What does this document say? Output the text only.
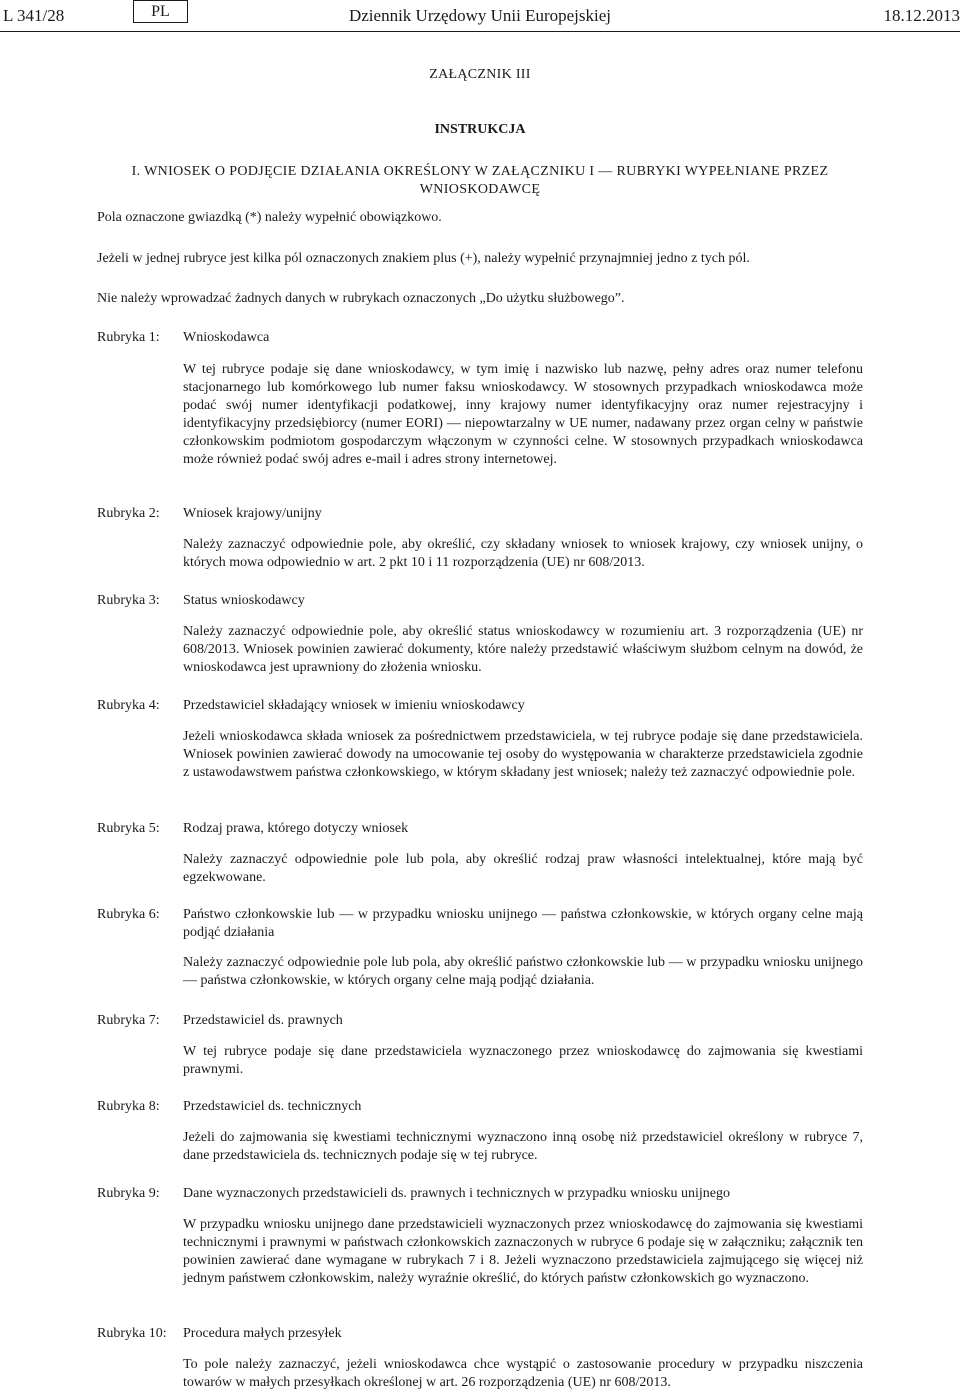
L 341/28	PL	Dziennik Urzędowy Unii Europejskiej	18.12.2013
ZAŁĄCZNIK III
INSTRUKCJA
I. WNIOSEK O PODJĘCIE DZIAŁANIA OKREŚLONY W ZAŁĄCZNIKU I — RUBRYKI WYPEŁNIANE PRZEZ WNIOSKODAWCĘ
Pola oznaczone gwiazdką (*) należy wypełnić obowiązkowo.
Jeżeli w jednej rubryce jest kilka pól oznaczonych znakiem plus (+), należy wypełnić przynajmniej jedno z tych pól.
Nie należy wprowadzać żadnych danych w rubrykach oznaczonych „Do użytku służbowego”.
Rubryka 1:	Wnioskodawca
W tej rubryce podaje się dane wnioskodawcy, w tym imię i nazwisko lub nazwę, pełny adres oraz numer telefonu stacjonarnego lub komórkowego lub numer faksu wnioskodawcy. W stosownych przypadkach wnioskodawca może podać swój numer identyfikacji podatkowej, inny krajowy numer identyfikacyjny oraz numer rejestracyjny i identyfikacyjny przedsiębiorcy (numer EORI) — niepowtarzalny w UE numer, nadawany przez organ celny w państwie członkowskim podmiotom gospodarczym włączonym w czynności celne. W stosownych przypadkach wnioskodawca może również podać swój adres e-mail i adres strony internetowej.
Rubryka 2:	Wniosek krajowy/unijny
Należy zaznaczyć odpowiednie pole, aby określić, czy składany wniosek to wniosek krajowy, czy wniosek unijny, o których mowa odpowiednio w art. 2 pkt 10 i 11 rozporządzenia (UE) nr 608/2013.
Rubryka 3:	Status wnioskodawcy
Należy zaznaczyć odpowiednie pole, aby określić status wnioskodawcy w rozumieniu art. 3 rozporządzenia (UE) nr 608/2013. Wniosek powinien zawierać dokumenty, które należy przedstawić właściwym służbom celnym na dowód, że wnioskodawca jest uprawniony do złożenia wniosku.
Rubryka 4:	Przedstawiciel składający wniosek w imieniu wnioskodawcy
Jeżeli wnioskodawca składa wniosek za pośrednictwem przedstawiciela, w tej rubryce podaje się dane przedstawiciela. Wniosek powinien zawierać dowody na umocowanie tej osoby do występowania w charakterze przedstawiciela zgodnie z ustawodawstwem państwa członkowskiego, w którym składany jest wniosek; należy też zaznaczyć odpowiednie pole.
Rubryka 5:	Rodzaj prawa, którego dotyczy wniosek
Należy zaznaczyć odpowiednie pole lub pola, aby określić rodzaj praw własności intelektualnej, które mają być egzekwowane.
Rubryka 6:	Państwo członkowskie lub — w przypadku wniosku unijnego — państwa członkowskie, w których organy celne mają podjąć działania
Należy zaznaczyć odpowiednie pole lub pola, aby określić państwo członkowskie lub — w przypadku wniosku unijnego — państwa członkowskie, w których organy celne mają podjąć działania.
Rubryka 7:	Przedstawiciel ds. prawnych
W tej rubryce podaje się dane przedstawiciela wyznaczonego przez wnioskodawcę do zajmowania się kwestiami prawnymi.
Rubryka 8:	Przedstawiciel ds. technicznych
Jeżeli do zajmowania się kwestiami technicznymi wyznaczono inną osobę niż przedstawiciel określony w rubryce 7, dane przedstawiciela ds. technicznych podaje się w tej rubryce.
Rubryka 9:	Dane wyznaczonych przedstawicieli ds. prawnych i technicznych w przypadku wniosku unijnego
W przypadku wniosku unijnego dane przedstawicieli wyznaczonych przez wnioskodawcę do zajmowania się kwestiami technicznymi i prawnymi w państwach członkowskich zaznaczonych w rubryce 6 podaje się w załączniku; załącznik ten powinien zawierać dane wymagane w rubrykach 7 i 8. Jeżeli wyznaczono przedstawiciela zajmującego się więcej niż jednym państwem członkowskim, należy wyraźnie określić, do których państw członkowskich go wyznaczono.
Rubryka 10:	Procedura małych przesyłek
To pole należy zaznaczyć, jeżeli wnioskodawca chce wystąpić o zastosowanie procedury w przypadku niszczenia towarów w małych przesyłkach określonej w art. 26 rozporządzenia (UE) nr 608/2013.
